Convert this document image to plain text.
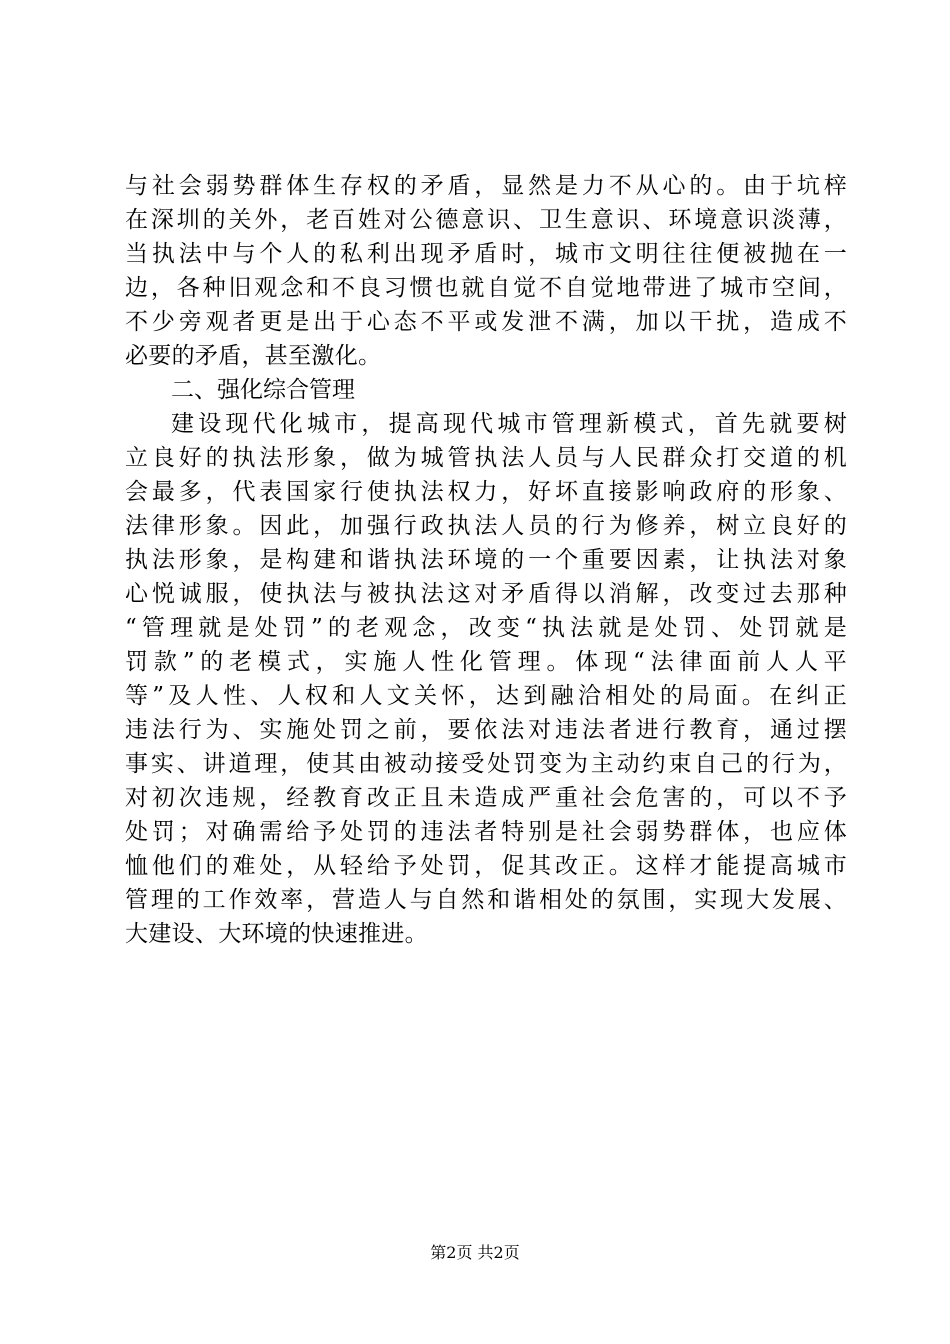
与社会弱势群体生存权的矛盾，显然是力不从心的。由于坑梓
在深圳的关外，老百姓对公德意识、卫生意识、环境意识淡薄，
当执法中与个人的私利出现矛盾时，城市文明往往便被抛在一
边，各种旧观念和不良习惯也就自觉不自觉地带进了城市空间，
不少旁观者更是出于心态不平或发泄不满，加以干扰，造成不
必要的矛盾，甚至激化。
二、强化综合管理
建设现代化城市，提高现代城市管理新模式，首先就要树
立良好的执法形象，做为城管执法人员与人民群众打交道的机
会最多，代表国家行使执法权力，好坏直接影响政府的形象、
法律形象。因此，加强行政执法人员的行为修养，树立良好的
执法形象，是构建和谐执法环境的一个重要因素，让执法对象
心悦诚服，使执法与被执法这对矛盾得以消解，改变过去那种
“管理就是处罚”的老观念，改变“执法就是处罚、处罚就是
罚款”的老模式，实施人性化管理。体现“法律面前人人平
等”及人性、人权和人文关怀，达到融洽相处的局面。在纠正
违法行为、实施处罚之前，要依法对违法者进行教育，通过摆
事实、讲道理，使其由被动接受处罚变为主动约束自己的行为，
对初次违规，经教育改正且未造成严重社会危害的，可以不予
处罚；对确需给予处罚的违法者特别是社会弱势群体，也应体
恤他们的难处，从轻给予处罚，促其改正。这样才能提高城市
管理的工作效率，营造人与自然和谐相处的氛围，实现大发展、
大建设、大环境的快速推进。
第2页 共2页
